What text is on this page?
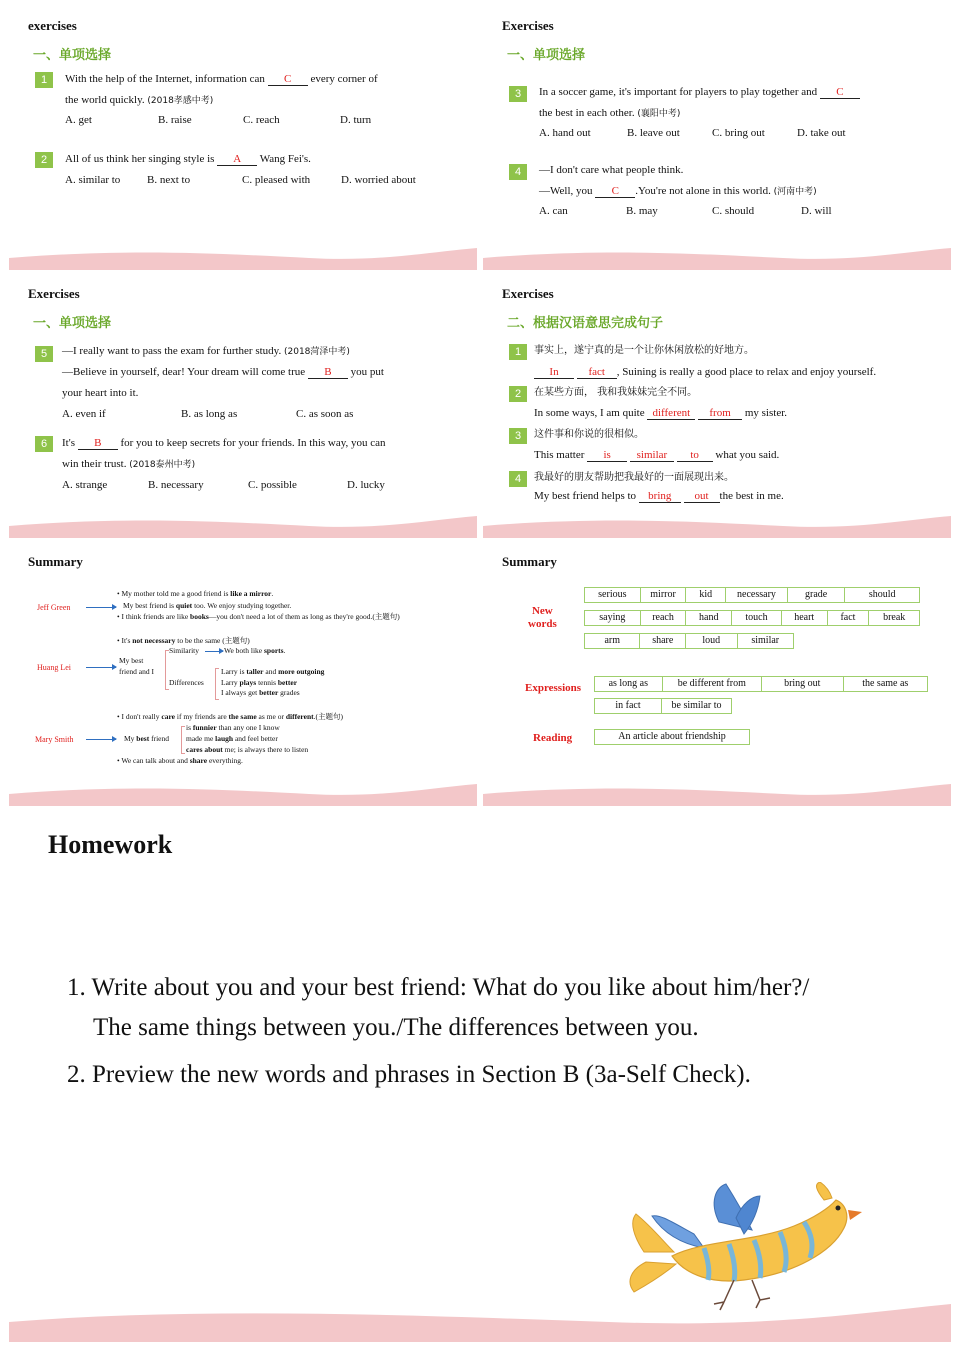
exercises
一、单项选择
1	With the help of the Internet, information can C every corner of
the world quickly. (2018孝感中考)
A. get	B. raise	C. reach	D. turn
2	All of us think her singing style is A Wang Fei's.
A. similar to B. next to	C. pleased with	D. worried about
Exercises
一、单项选择
3	In a soccer game, it's important for players to play together and C
the best in each other. (襄阳中考)
A. hand out	B. leave out	C. bring out	D. take out
4	—I don't care what people think.
—Well, you C .You're not alone in this world. (河南中考)
A. can	B. may	C. should	D. will
Exercises
一、单项选择
5	—I really want to pass the exam for further study. (2018菏泽中考)
—Believe in yourself, dear! Your dream will come true B you put
your heart into it.
A. even if	B. as long as	C. as soon as
6	It's B for you to keep secrets for your friends. In this way, you can
win their trust. (2018泰州中考)
A. strange	B. necessary	C. possible	D. lucky
Exercises
二、根据汉语意思完成句子
1	事实上，遂宁真的是一个让你休闲放松的好地方。
In	fact , Suining is really a good place to relax and enjoy yourself.
2	在某些方面， 我和我妹妹完全不同。
In some ways, I am quite different from my sister.
3	这件事和你说的很相似。
This matter is similar to what you said.
4	我最好的朋友帮助把我最好的一面展现出来。
My best friend helps to bring out the best in me.
Summary
Jeff Green
• My mother told me a good friend is like a mirror.
My best friend is quiet too. We enjoy studying together.
• I think friends are like books—you don't need a lot of them as long as they're good.(主题句)
• It's not necessary to be the same (主题句)
Huang Lei
My best
friend and I
Similarity	We both like sports.
Differences
Larry is taller and more outgoing
Larry plays tennis better
I always get better grades
• I don't really care if my friends are the same as me or different.(主题句)
Mary Smith	My best friend
is funnier than any one I know
made me laugh and feel better
cares about me; is always there to listen
• We can talk about and share everything.
Summary
New
words
serious	mirror	kid	necessary	grade	should
saying	reach	hand	touch	heart	fact	break
arm	share	loud	similar
Expressions	as long as	be different from	bring out	the same as
in fact	be similar to
Reading	An article about friendship
Homework
1. Write about you and your best friend: What do you like about him/her?/
The same things between you./The differences between you.
2. Preview the new words and phrases in Section B (3a-Self Check).
